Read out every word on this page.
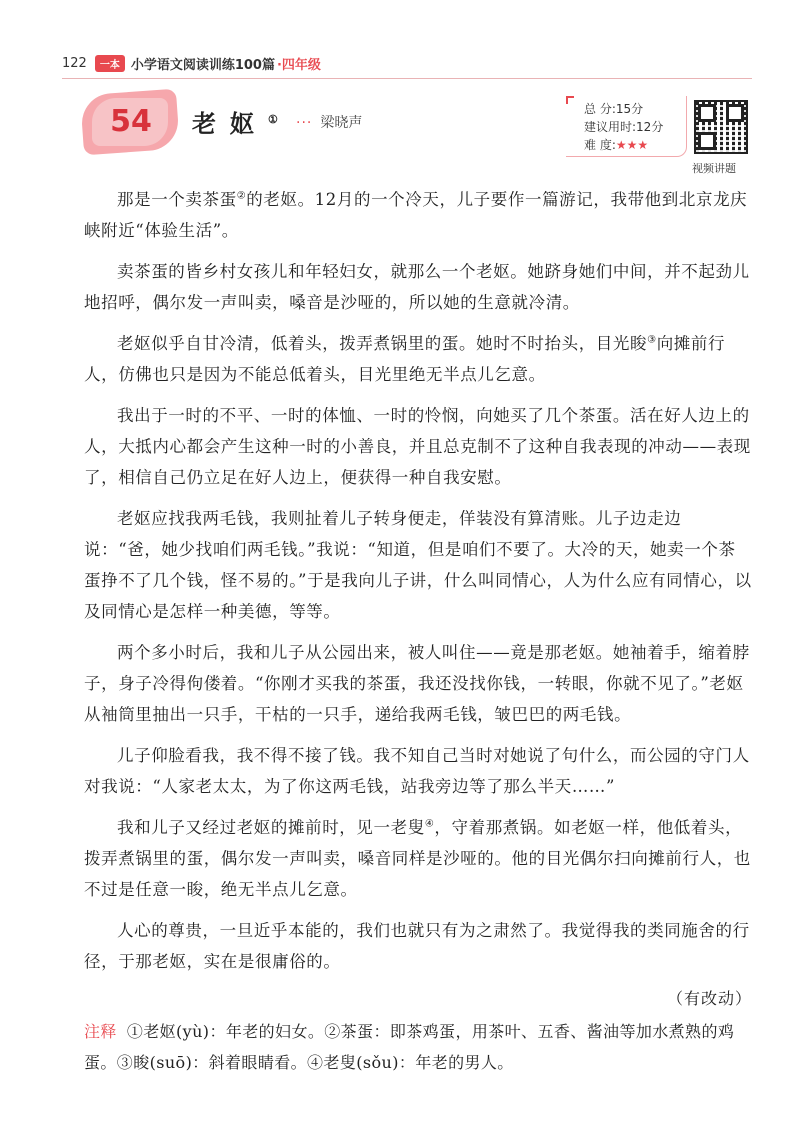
122	一本 小学语文阅读训练100篇 ·四年级
54	老妪① ··· 梁晓声
总 分:15分
建议用时:12分
难 度:★★★
视频讲题

那是一个卖茶蛋②的老妪。12月的一个冷天，儿子要作一篇游记，我带他到北京龙庆峡附近“体验生活”。

卖茶蛋的皆乡村女孩儿和年轻妇女，就那么一个老妪。她跻身她们中间，并不起劲儿地招呼，偶尔发一声叫卖，嗓音是沙哑的，所以她的生意就冷清。

老妪似乎自甘冷清，低着头，拨弄煮锅里的蛋。她时不时抬头，目光睃③向摊前行人，仿佛也只是因为不能总低着头，目光里绝无半点儿乞意。

我出于一时的不平、一时的体恤、一时的怜悯，向她买了几个茶蛋。活在好人边上的人，大抵内心都会产生这种一时的小善良，并且总克制不了这种自我表现的冲动——表现了，相信自己仍立足在好人边上，便获得一种自我安慰。

老妪应找我两毛钱，我则扯着儿子转身便走，佯装没有算清账。儿子边走边说：“爸，她少找咱们两毛钱。”我说：“知道，但是咱们不要了。大冷的天，她卖一个茶蛋挣不了几个钱，怪不易的。”于是我向儿子讲，什么叫同情心，人为什么应有同情心，以及同情心是怎样一种美德，等等。

两个多小时后，我和儿子从公园出来，被人叫住——竟是那老妪。她袖着手，缩着脖子，身子冷得佝偻着。“你刚才买我的茶蛋，我还没找你钱，一转眼，你就不见了。”老妪从袖筒里抽出一只手，干枯的一只手，递给我两毛钱，皱巴巴的两毛钱。

儿子仰脸看我，我不得不接了钱。我不知自己当时对她说了句什么，而公园的守门人对我说：“人家老太太，为了你这两毛钱，站我旁边等了那么半天……”

我和儿子又经过老妪的摊前时，见一老叟④，守着那煮锅。如老妪一样，他低着头，拨弄煮锅里的蛋，偶尔发一声叫卖，嗓音同样是沙哑的。他的目光偶尔扫向摊前行人，也不过是任意一睃，绝无半点儿乞意。

人心的尊贵，一旦近乎本能的，我们也就只有为之肃然了。我觉得我的类同施舍的行径，于那老妪，实在是很庸俗的。

（有改动）
注释 ①老妪(yù)：年老的妇女。②茶蛋：即茶鸡蛋，用茶叶、五香、酱油等加水煮熟的鸡蛋。③睃(suō)：斜着眼睛看。④老叟(sǒu)：年老的男人。
